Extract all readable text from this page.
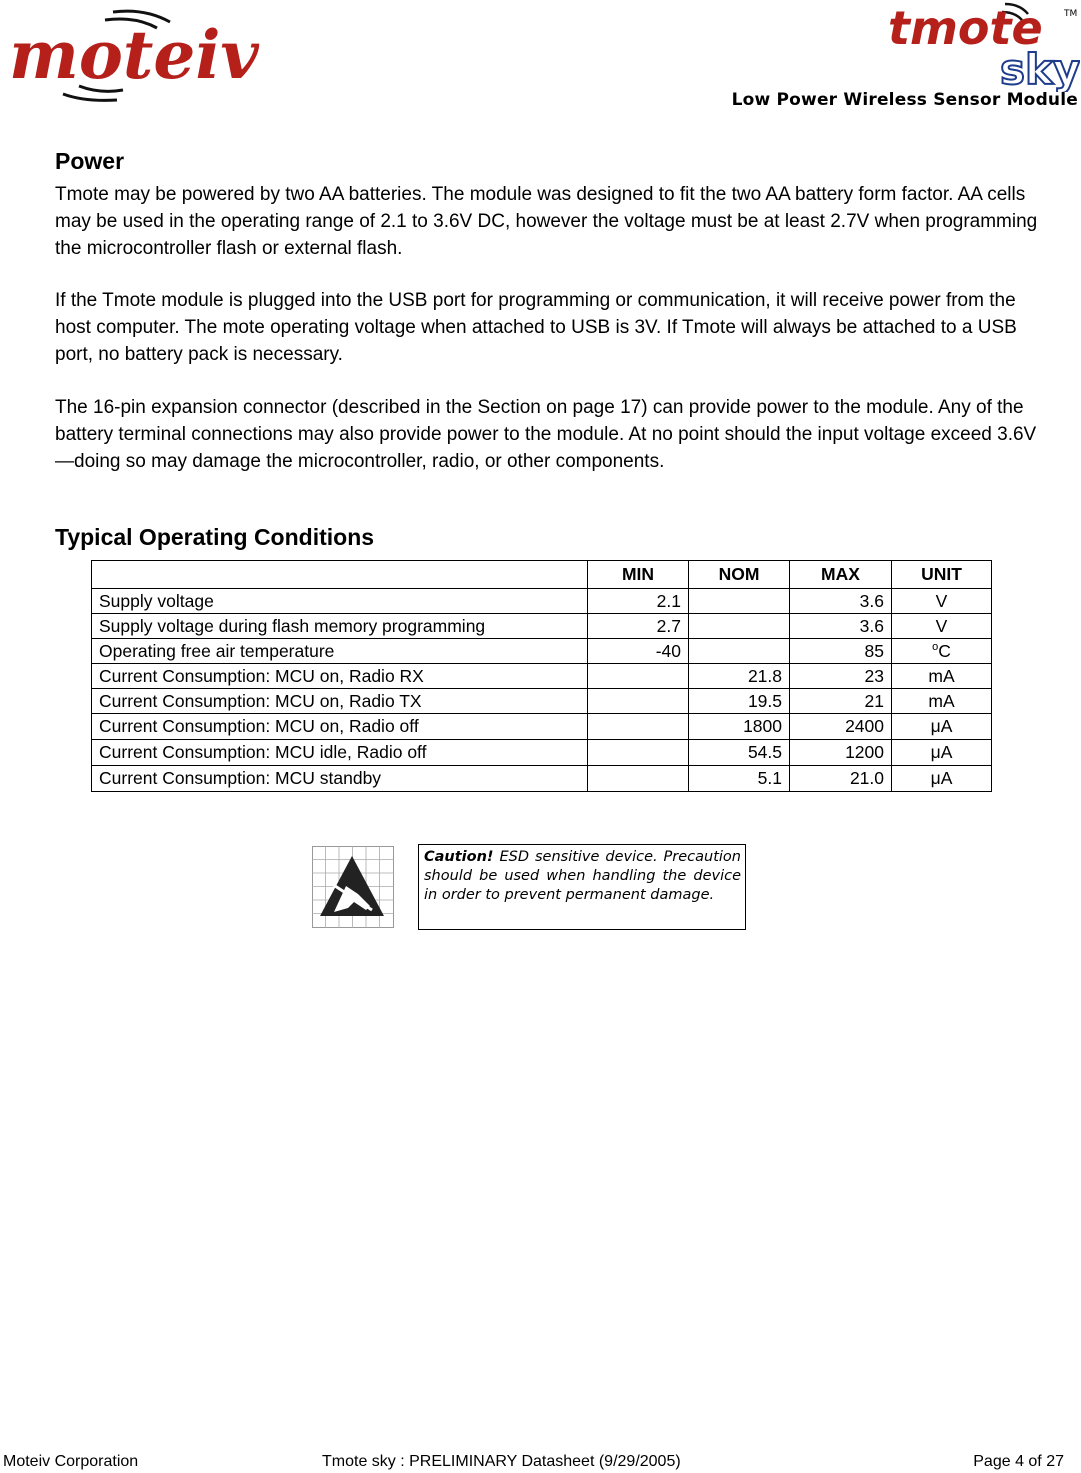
moteiv	tmote TM
sky
Low Power Wireless Sensor Module
Power
Tmote may be powered by two AA batteries. The module was designed to fit the two AA battery form factor. AA cells may be used in the operating range of 2.1 to 3.6V DC, however the voltage must be at least 2.7V when programming the microcontroller flash or external flash.
If the Tmote module is plugged into the USB port for programming or communication, it will receive power from the host computer. The mote operating voltage when attached to USB is 3V. If Tmote will always be attached to a USB port, no battery pack is necessary.
The 16-pin expansion connector (described in the Section on page 17) can provide power to the module. Any of the battery terminal connections may also provide power to the module. At no point should the input voltage exceed 3.6V—doing so may damage the microcontroller, radio, or other components.
Typical Operating Conditions
	MIN	NOM	MAX	UNIT
Supply voltage	2.1		3.6	V
Supply voltage during flash memory programming	2.7		3.6	V
Operating free air temperature	-40		85	$^o$C
Current Consumption: MCU on, Radio RX		21.8	23	mA
Current Consumption: MCU on, Radio TX		19.5	21	mA
Current Consumption: MCU on, Radio off		1800	2400	μA
Current Consumption: MCU idle, Radio off		54.5	1200	μA
Current Consumption: MCU standby		5.1	21.0	μA
Caution! ESD sensitive device. Precaution should be used when handling the device in order to prevent permanent damage.
Moteiv Corporation	Tmote sky : PRELIMINARY Datasheet (9/29/2005)	Page 4 of 27
